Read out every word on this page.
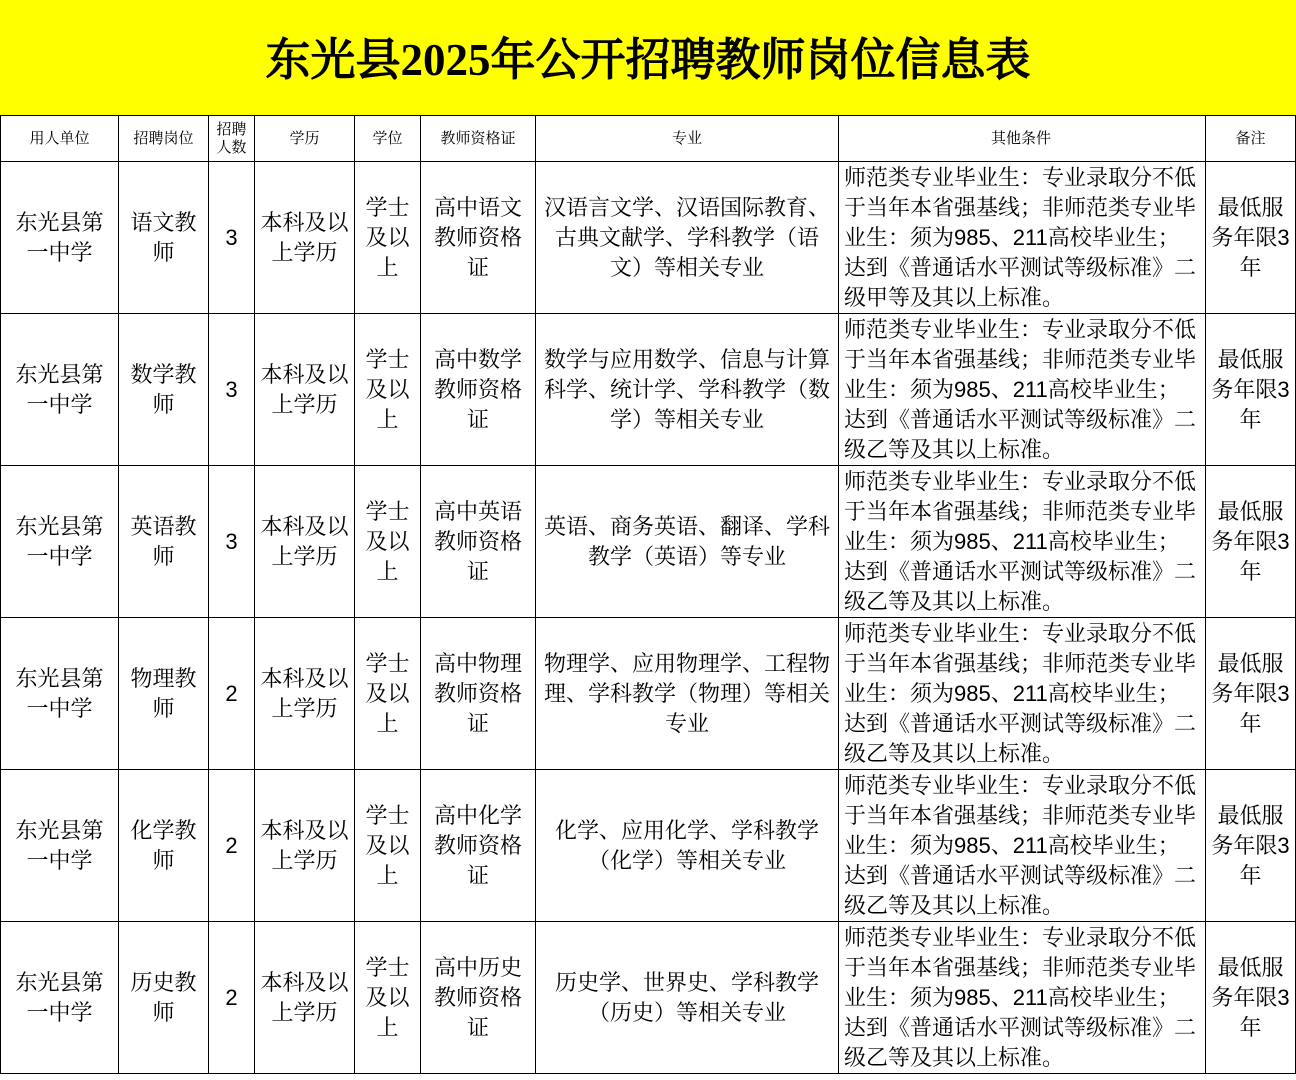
东光县2025年公开招聘教师岗位信息表
用人单位	招聘岗位	招聘人数	学历	学位	教师资格证	专业	其他条件	备注
东光县第一中学	语文教师	3	本科及以上学历	学士及以上	高中语文教师资格证	汉语言文学、汉语国际教育、古典文献学、学科教学（语文）等相关专业	师范类专业毕业生：专业录取分不低于当年本省强基线；非师范类专业毕业生：须为985、211高校毕业生；达到《普通话水平测试等级标准》二级甲等及其以上标准。	最低服务年限3年
东光县第一中学	数学教师	3	本科及以上学历	学士及以上	高中数学教师资格证	数学与应用数学、信息与计算科学、统计学、学科教学（数学）等相关专业	师范类专业毕业生：专业录取分不低于当年本省强基线；非师范类专业毕业生：须为985、211高校毕业生；达到《普通话水平测试等级标准》二级乙等及其以上标准。	最低服务年限3年
东光县第一中学	英语教师	3	本科及以上学历	学士及以上	高中英语教师资格证	英语、商务英语、翻译、学科教学（英语）等专业	师范类专业毕业生：专业录取分不低于当年本省强基线；非师范类专业毕业生：须为985、211高校毕业生；达到《普通话水平测试等级标准》二级乙等及其以上标准。	最低服务年限3年
东光县第一中学	物理教师	2	本科及以上学历	学士及以上	高中物理教师资格证	物理学、应用物理学、工程物理、学科教学（物理）等相关专业	师范类专业毕业生：专业录取分不低于当年本省强基线；非师范类专业毕业生：须为985、211高校毕业生；达到《普通话水平测试等级标准》二级乙等及其以上标准。	最低服务年限3年
东光县第一中学	化学教师	2	本科及以上学历	学士及以上	高中化学教师资格证	化学、应用化学、学科教学（化学）等相关专业	师范类专业毕业生：专业录取分不低于当年本省强基线；非师范类专业毕业生：须为985、211高校毕业生；达到《普通话水平测试等级标准》二级乙等及其以上标准。	最低服务年限3年
东光县第一中学	历史教师	2	本科及以上学历	学士及以上	高中历史教师资格证	历史学、世界史、学科教学（历史）等相关专业	师范类专业毕业生：专业录取分不低于当年本省强基线；非师范类专业毕业生：须为985、211高校毕业生；达到《普通话水平测试等级标准》二级乙等及其以上标准。	最低服务年限3年
